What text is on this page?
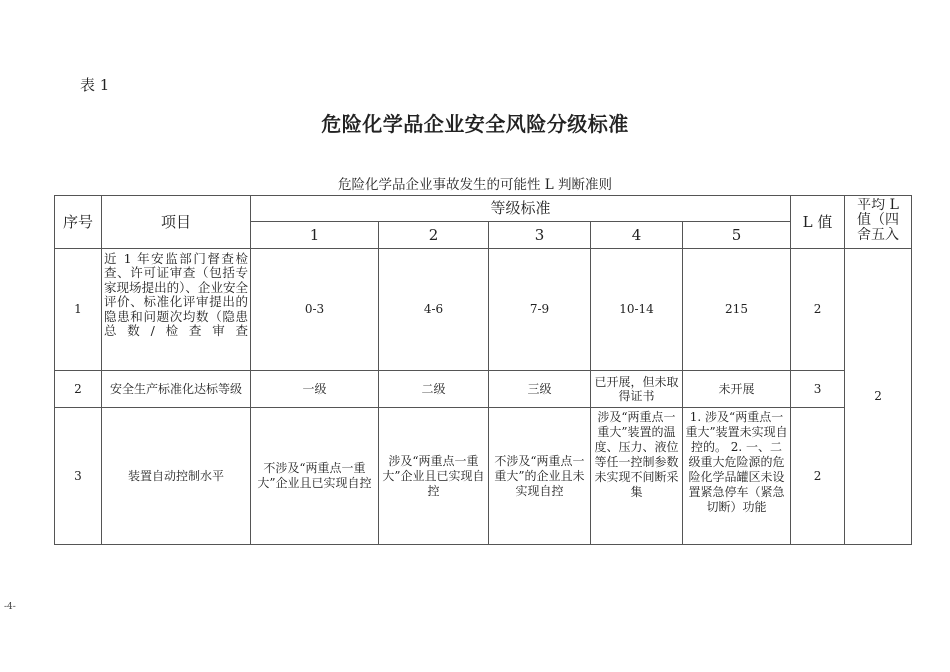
表 1
危险化学品企业安全风险分级标准
危险化学品企业事故发生的可能性 L 判断准则
序号	项目	等级标准					L 值	平均 L
值（四
舍五入

		1	2	3	4	5		
1	近 1 年安监部门督查检查、许可证审查（包括专家现场提出的）、企业安全评价、标准化评审提出的隐患和问题次均数（隐患总数/检查审查	0-3	4-6	7-9	10-14	215	2	2
2	安全生产标准化达标等级	一级	二级	三级	已开展，但未取得证书	未开展	3	
3	装置自动控制水平	不涉及“两重点一重大”企业且已实现自控	涉及“两重点一重大”企业且已实现自控	不涉及“两重点一重大”的企业且未实现自控	涉及“两重点一重大”装置的温度、压力、液位等任一控制参数未实现不间断采集	1. 涉及“两重点一重大”装置未实现自控的。 2. 一、二级重大危险源的危险化学品罐区未设置紧急停车（紧急切断）功能	2	
-4-
